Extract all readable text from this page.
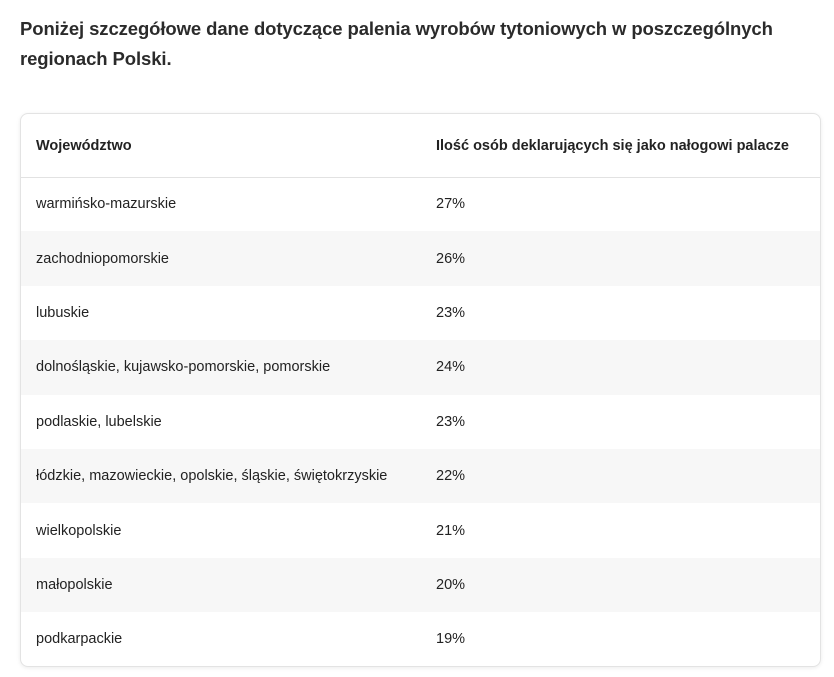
Poniżej szczegółowe dane dotyczące palenia wyrobów tytoniowych w poszczególnych regionach Polski.

Województwo	Ilość osób deklarujących się jako nałogowi palacze
warmińsko-mazurskie	27%
zachodniopomorskie	26%
lubuskie	23%
dolnośląskie, kujawsko-pomorskie, pomorskie	24%
podlaskie, lubelskie	23%
łódzkie, mazowieckie, opolskie, śląskie, świętokrzyskie	22%
wielkopolskie	21%
małopolskie	20%
podkarpackie	19%
